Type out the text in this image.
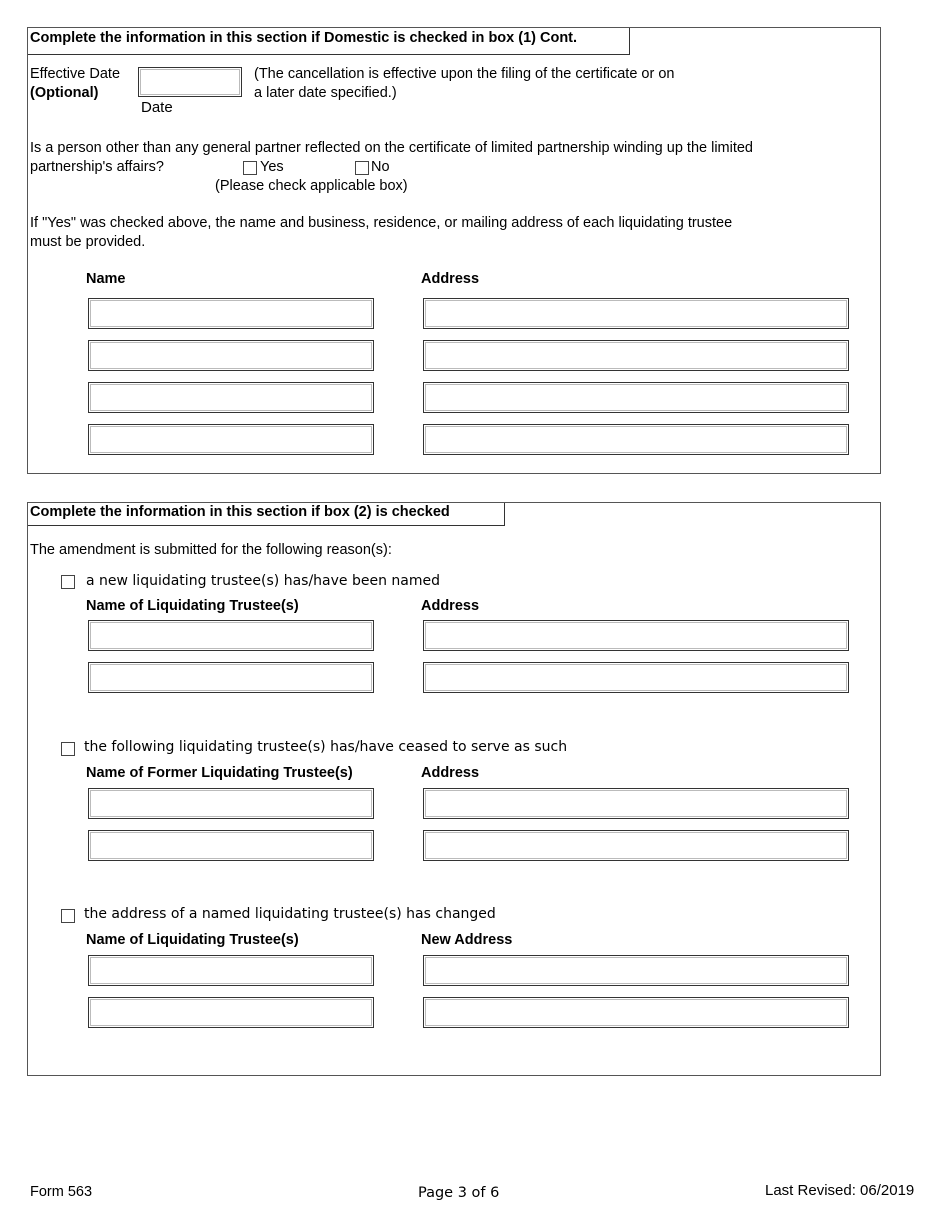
Complete the information in this section if Domestic is checked in box (1) Cont.
Effective Date
(Optional)
Date
(The cancellation is effective upon the filing of the certificate or on
a later date specified.)
Is a person other than any general partner reflected on the certificate of limited partnership winding up the limited
partnership's affairs?	Yes	No
(Please check applicable box)
If "Yes" was checked above, the name and business, residence, or mailing address of each liquidating trustee
must be provided.
Name	Address
Complete the information in this section if box (2) is checked
The amendment is submitted for the following reason(s):
a new liquidating trustee(s) has/have been named
Name of Liquidating Trustee(s)	Address
the following liquidating trustee(s) has/have ceased to serve as such
Name of Former Liquidating Trustee(s)	Address
the address of a named liquidating trustee(s) has changed
Name of Liquidating Trustee(s)	New Address
Form 563	Page 3 of 6	Last Revised: 06/2019
